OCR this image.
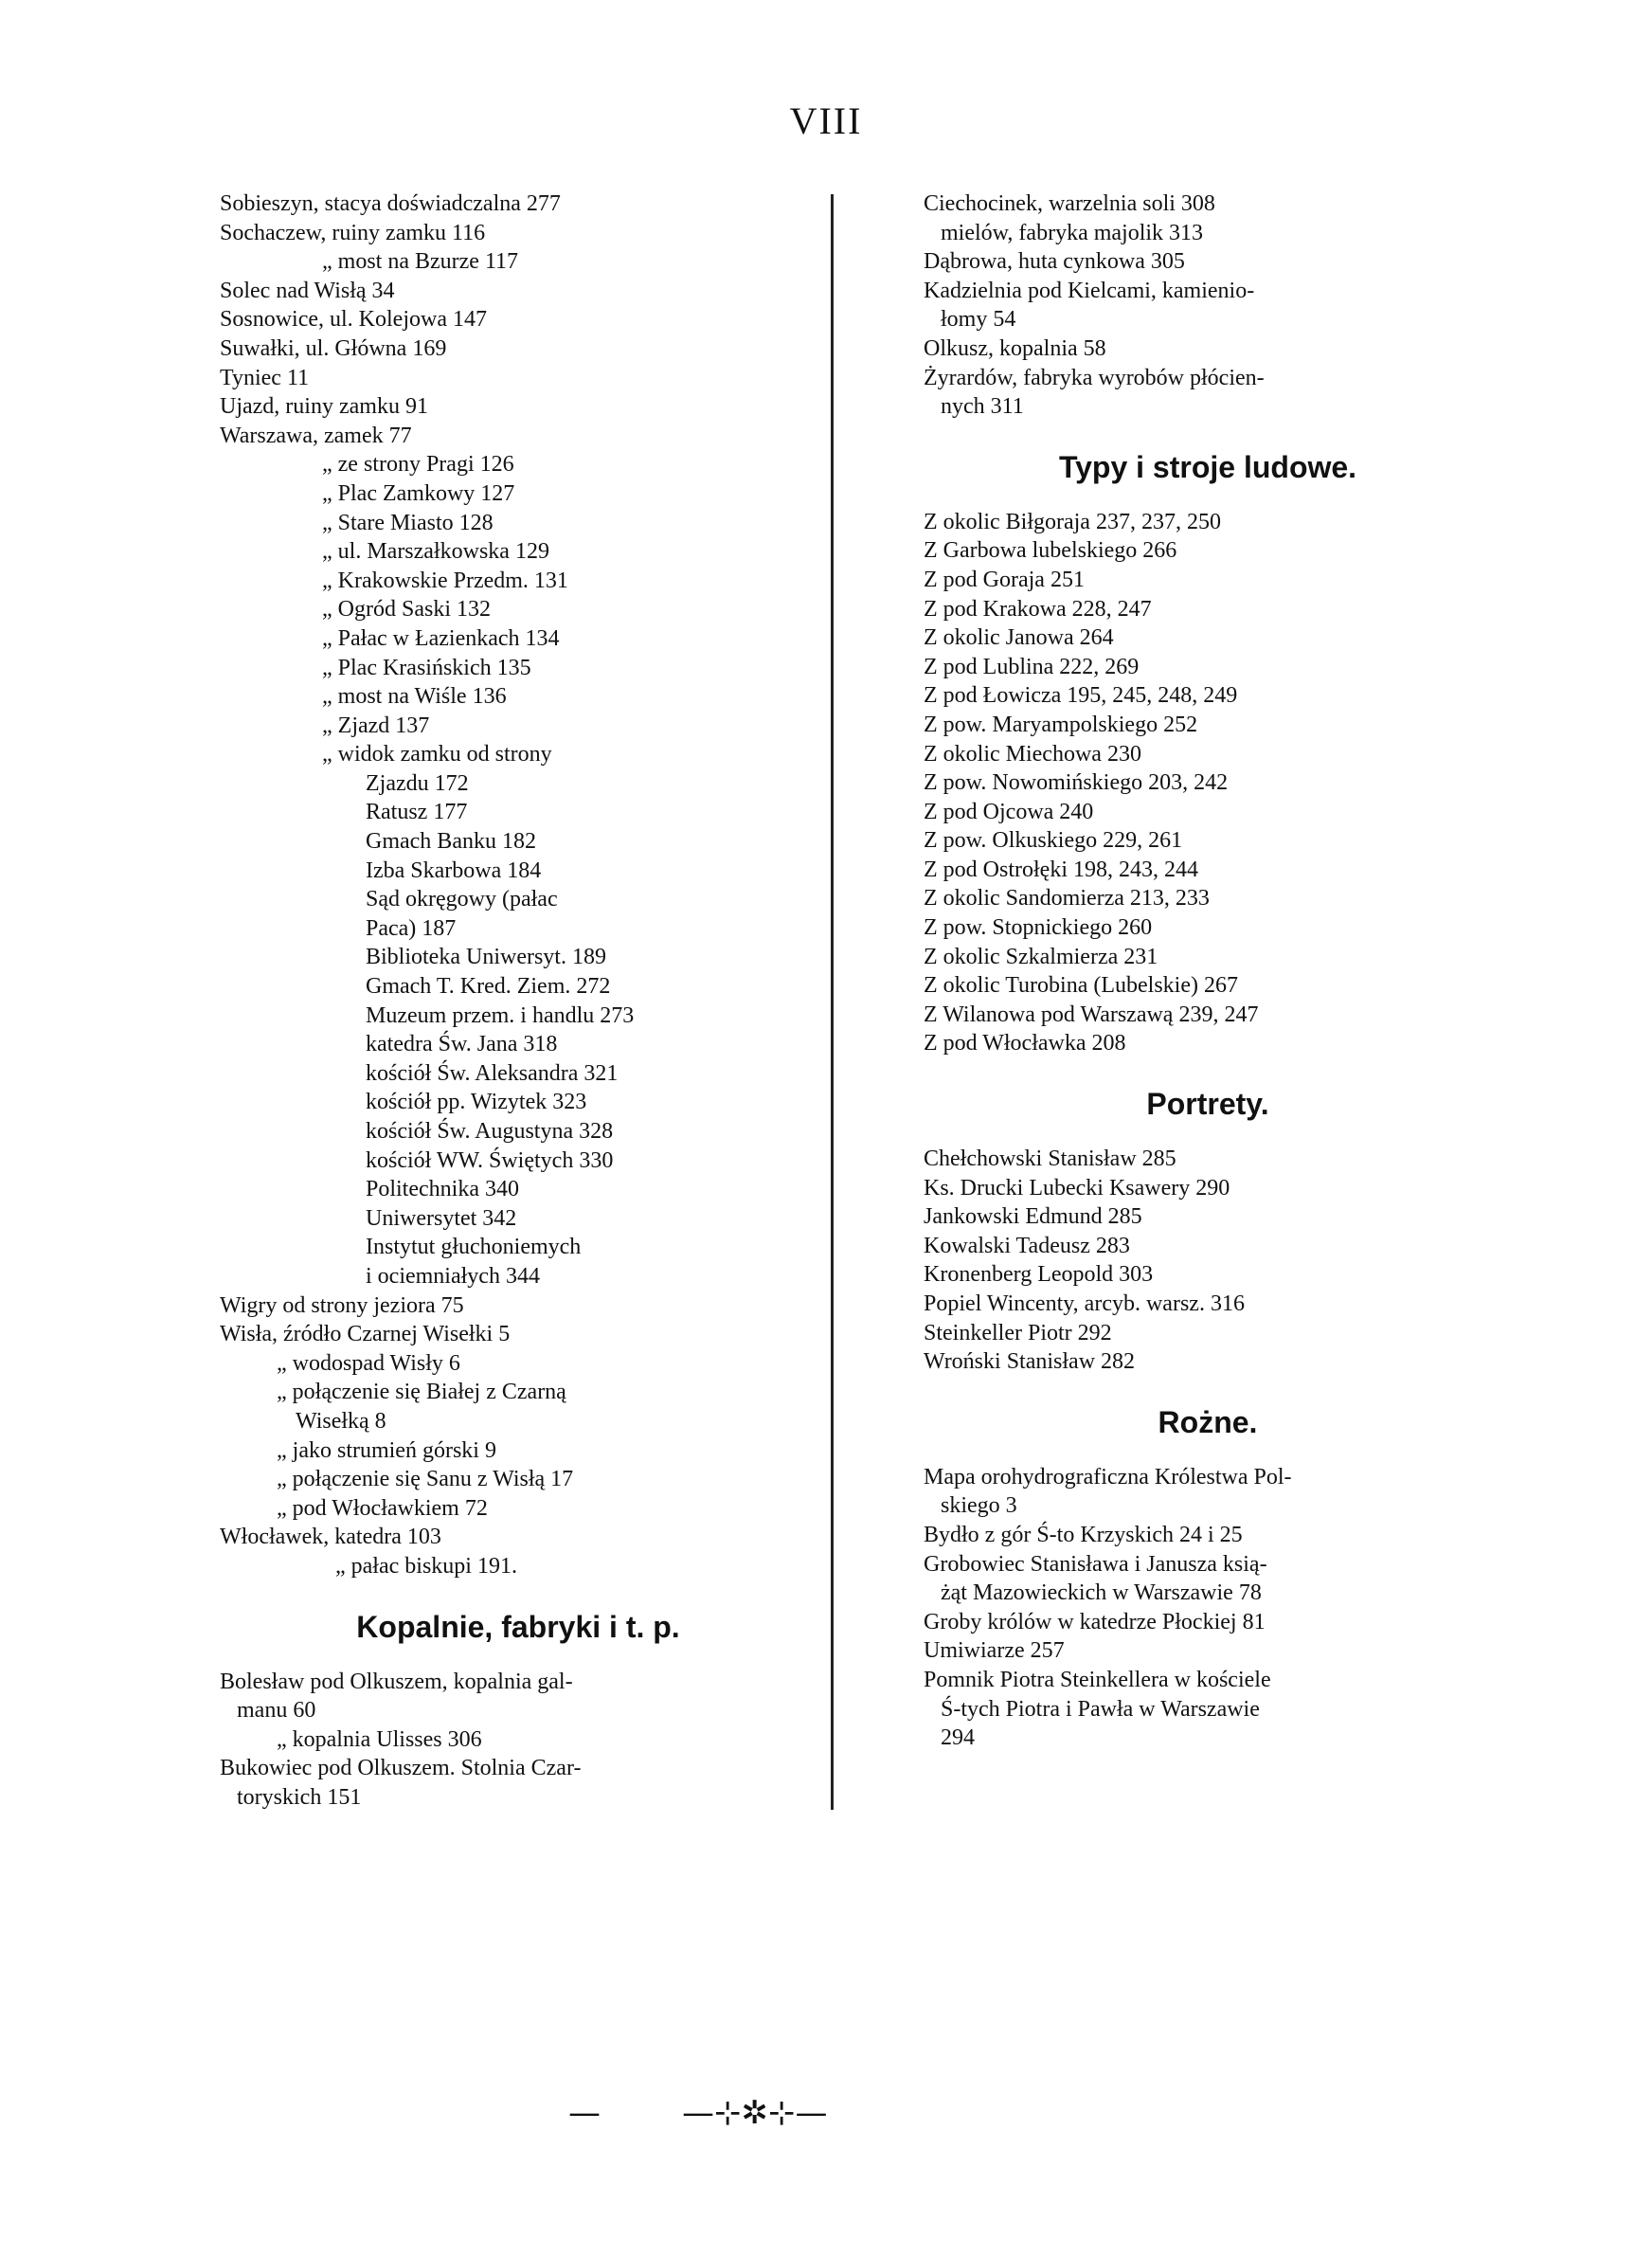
VIII
Sobieszyn, stacya doświadczalna 277
Sochaczew, ruiny zamku 116
„ most na Bzurze 117
Solec nad Wisłą 34
Sosnowice, ul. Kolejowa 147
Suwałki, ul. Główna 169
Tyniec 11
Ujazd, ruiny zamku 91
Warszawa, zamek 77
„ ze strony Pragi 126
„ Plac Zamkowy 127
„ Stare Miasto 128
„ ul. Marszałkowska 129
„ Krakowskie Przedm. 131
„ Ogród Saski 132
„ Pałac w Łazienkach 134
„ Plac Krasińskich 135
„ most na Wiśle 136
„ Zjazd 137
„ widok zamku od strony
Zjazdu 172
Ratusz 177
Gmach Banku 182
Izba Skarbowa 184
Sąd okręgowy (pałac
Paca) 187
Biblioteka Uniwersyt. 189
Gmach T. Kred. Ziem. 272
Muzeum przem. i handlu 273
katedra Św. Jana 318
kościół Św. Aleksandra 321
kościół pp. Wizytek 323
kościół Św. Augustyna 328
kościół WW. Świętych 330
Politechnika 340
Uniwersytet 342
Instytut głuchoniemych
i ociemniałych 344
Wigry od strony jeziora 75
Wisła, źródło Czarnej Wisełki 5
„ wodospad Wisły 6
„ połączenie się Białej z Czarną
Wisełką 8
„ jako strumień górski 9
„ połączenie się Sanu z Wisłą 17
„ pod Włocławkiem 72
Włocławek, katedra 103
„ pałac biskupi 191.
Kopalnie, fabryki i t. p.
Bolesław pod Olkuszem, kopalnia gal-
manu 60
„ kopalnia Ulisses 306
Bukowiec pod Olkuszem. Stolnia Czar-
toryskich 151
Ciechocinek, warzelnia soli 308
mielów, fabryka majolik 313
Dąbrowa, huta cynkowa 305
Kadzielnia pod Kielcami, kamienio-
łomy 54
Olkusz, kopalnia 58
Żyrardów, fabryka wyrobów płócien-
nych 311
Typy i stroje ludowe.
Z okolic Biłgoraja 237, 237, 250
Z Garbowa lubelskiego 266
Z pod Goraja 251
Z pod Krakowa 228, 247
Z okolic Janowa 264
Z pod Lublina 222, 269
Z pod Łowicza 195, 245, 248, 249
Z pow. Maryampolskiego 252
Z okolic Miechowa 230
Z pow. Nowomińskiego 203, 242
Z pod Ojcowa 240
Z pow. Olkuskiego 229, 261
Z pod Ostrołęki 198, 243, 244
Z okolic Sandomierza 213, 233
Z pow. Stopnickiego 260
Z okolic Szkalmierza 231
Z okolic Turobina (Lubelskie) 267
Z Wilanowa pod Warszawą 239, 247
Z pod Włocławka 208
Portrety.
Chełchowski Stanisław 285
Ks. Drucki Lubecki Ksawery 290
Jankowski Edmund 285
Kowalski Tadeusz 283
Kronenberg Leopold 303
Popiel Wincenty, arcyb. warsz. 316
Steinkeller Piotr 292
Wroński Stanisław 282
Rożne.
Mapa orohydrograficzna Królestwa Pol-
skiego 3
Bydło z gór Ś-to Krzyskich 24 i 25
Grobowiec Stanisława i Janusza ksią-
żąt Mazowieckich w Warszawie 78
Groby królów w katedrze Płockiej 81
Umiwiarze 257
Pomnik Piotra Steinkellera w kościele
Ś-tych Piotra i Pawła w Warszawie
294
—	—⊹✲⊹—
